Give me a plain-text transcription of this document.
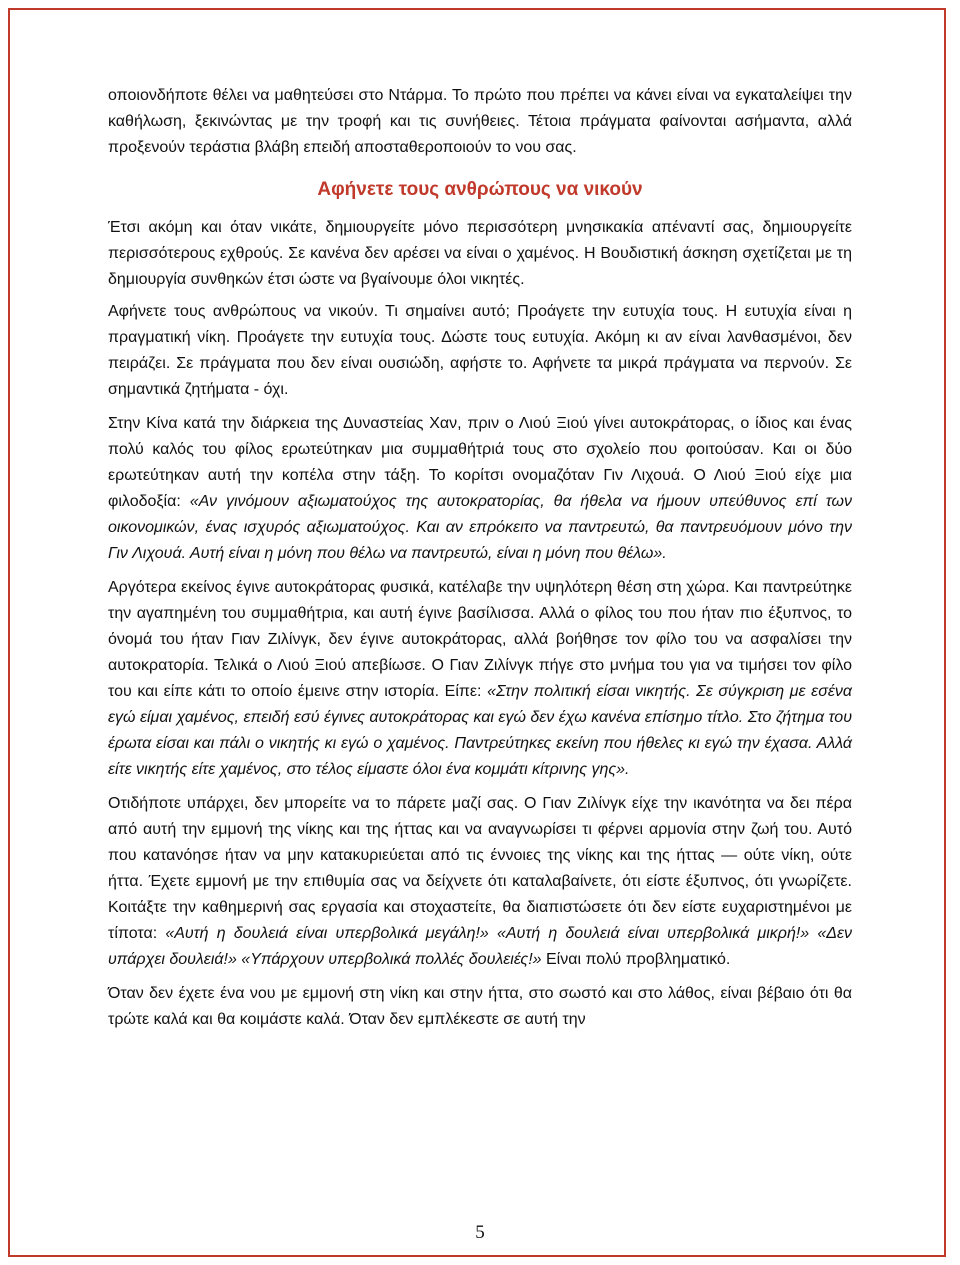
οποιονδήποτε θέλει να μαθητεύσει στο Ντάρμα. Το πρώτο που πρέπει να κάνει είναι να εγκαταλείψει την καθήλωση, ξεκινώντας με την τροφή και τις συνήθειες. Τέτοια πράγματα φαίνονται ασήμαντα, αλλά προξενούν τεράστια βλάβη επειδή αποσταθεροποιούν το νου σας.

Αφήνετε τους ανθρώπους να νικούν

Έτσι ακόμη και όταν νικάτε, δημιουργείτε μόνο περισσότερη μνησικακία απέναντί σας, δημιουργείτε περισσότερους εχθρούς. Σε κανένα δεν αρέσει να είναι ο χαμένος. Η Βουδιστική άσκηση σχετίζεται με τη δημιουργία συνθηκών έτσι ώστε να βγαίνουμε όλοι νικητές.

Αφήνετε τους ανθρώπους να νικούν. Τι σημαίνει αυτό; Προάγετε την ευτυχία τους. Η ευτυχία είναι η πραγματική νίκη. Προάγετε την ευτυχία τους. Δώστε τους ευτυχία. Ακόμη κι αν είναι λανθασμένοι, δεν πειράζει. Σε πράγματα που δεν είναι ουσιώδη, αφήστε το. Αφήνετε τα μικρά πράγματα να περνούν. Σε σημαντικά ζητήματα - όχι.

Στην Κίνα κατά την διάρκεια της Δυναστείας Χαν, πριν ο Λιού Ξιού γίνει αυτοκράτορας, ο ίδιος και ένας πολύ καλός του φίλος ερωτεύτηκαν μια συμμαθήτριά τους στο σχολείο που φοιτούσαν. Και οι δύο ερωτεύτηκαν αυτή την κοπέλα στην τάξη. Το κορίτσι ονομαζόταν Γιν Λιχουά. Ο Λιού Ξιού είχε μια φιλοδοξία: «Αν γινόμουν αξιωματούχος της αυτοκρατορίας, θα ήθελα να ήμουν υπεύθυνος επί των οικονομικών, ένας ισχυρός αξιωματούχος. Και αν επρόκειτο να παντρευτώ, θα παντρευόμουν μόνο την Γιν Λιχουά. Αυτή είναι η μόνη που θέλω να παντρευτώ, είναι η μόνη που θέλω».

Αργότερα εκείνος έγινε αυτοκράτορας φυσικά, κατέλαβε την υψηλότερη θέση στη χώρα. Και παντρεύτηκε την αγαπημένη του συμμαθήτρια, και αυτή έγινε βασίλισσα. Αλλά ο φίλος του που ήταν πιο έξυπνος, το όνομά του ήταν Γιαν Ζιλίνγκ, δεν έγινε αυτοκράτορας, αλλά βοήθησε τον φίλο του να ασφαλίσει την αυτοκρατορία. Τελικά ο Λιού Ξιού απεβίωσε. Ο Γιαν Ζιλίνγκ πήγε στο μνήμα του για να τιμήσει τον φίλο του και είπε κάτι το οποίο έμεινε στην ιστορία. Είπε: «Στην πολιτική είσαι νικητής. Σε σύγκριση με εσένα εγώ είμαι χαμένος, επειδή εσύ έγινες αυτοκράτορας και εγώ δεν έχω κανένα επίσημο τίτλο. Στο ζήτημα του έρωτα είσαι και πάλι ο νικητής κι εγώ ο χαμένος. Παντρεύτηκες εκείνη που ήθελες κι εγώ την έχασα. Αλλά είτε νικητής είτε χαμένος, στο τέλος είμαστε όλοι ένα κομμάτι κίτρινης γης».

Οτιδήποτε υπάρχει, δεν μπορείτε να το πάρετε μαζί σας. Ο Γιαν Ζιλίνγκ είχε την ικανότητα να δει πέρα από αυτή την εμμονή της νίκης και της ήττας και να αναγνωρίσει τι φέρνει αρμονία στην ζωή του. Αυτό που κατανόησε ήταν να μην κατακυριεύεται από τις έννοιες της νίκης και της ήττας — ούτε νίκη, ούτε ήττα. Έχετε εμμονή με την επιθυμία σας να δείχνετε ότι καταλαβαίνετε, ότι είστε έξυπνος, ότι γνωρίζετε. Κοιτάξτε την καθημερινή σας εργασία και στοχαστείτε, θα διαπιστώσετε ότι δεν είστε ευχαριστημένοι με τίποτα: «Αυτή η δουλειά είναι υπερβολικά μεγάλη!» «Αυτή η δουλειά είναι υπερβολικά μικρή!» «Δεν υπάρχει δουλειά!» «Υπάρχουν υπερβολικά πολλές δουλειές!» Είναι πολύ προβληματικό.

Όταν δεν έχετε ένα νου με εμμονή στη νίκη και στην ήττα, στο σωστό και στο λάθος, είναι βέβαιο ότι θα τρώτε καλά και θα κοιμάστε καλά. Όταν δεν εμπλέκεστε σε αυτή την

5
